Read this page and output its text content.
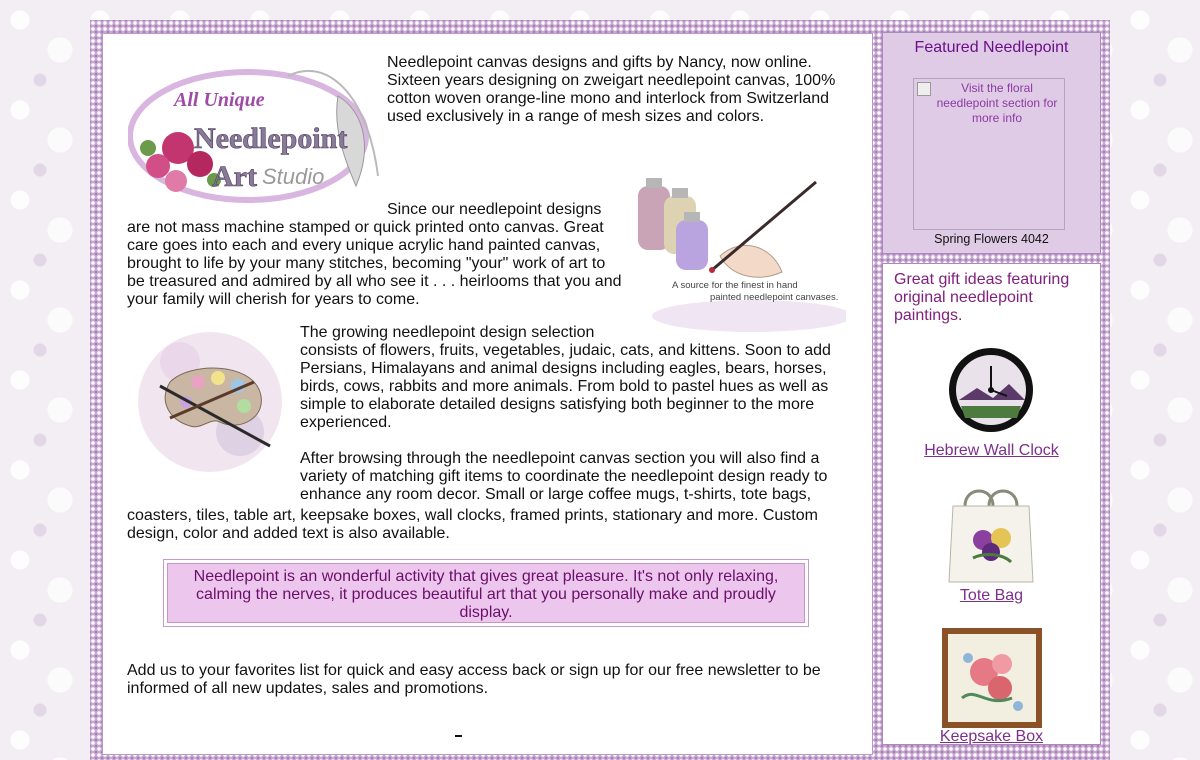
All Unique
Needlepoint
Art Studio
Needlepoint canvas designs and gifts by Nancy, now online. Sixteen years designing on zweigart needlepoint canvas, 100% cotton woven orange-line mono and interlock from Switzerland used exclusively in a range of mesh sizes and colors.
A source for the finest in hand
painted needlepoint canvases.
Since our needlepoint designs
are not mass machine stamped or quick printed onto canvas. Great care goes into each and every unique acrylic hand painted canvas, brought to life by your many stitches, becoming "your" work of art to be treasured and admired by all who see it . . . heirlooms that you and your family will cherish for years to come.
The growing needlepoint design selection
consists of flowers, fruits, vegetables, judaic, cats, and kittens. Soon to add Persians, Himalayans and animal designs including eagles, bears, horses, birds, cows, rabbits and more animals. From bold to pastel hues as well as simple to elaborate detailed designs satisfying both beginner to the more experienced.
After browsing through the needlepoint canvas section you will also find a variety of matching gift items to coordinate the needlepoint design ready to enhance any room decor. Small or large coffee mugs, t-shirts, tote bags,
coasters, tiles, table art, keepsake boxes, wall clocks, framed prints, stationary and more. Custom design, color and added text is also available.
Needlepoint is an wonderful activity that gives great pleasure. It's not only relaxing, calming the nerves, it produces beautiful art that you personally make and proudly display.
Add us to your favorites list for quick and easy access back or sign up for our free newsletter to be informed of all new updates, sales and promotions.
Featured Needlepoint
Visit the floral needlepoint section for more info
Spring Flowers 4042
Great gift ideas featuring original needlepoint paintings.
Hebrew Wall Clock
Tote Bag
Keepsake Box
